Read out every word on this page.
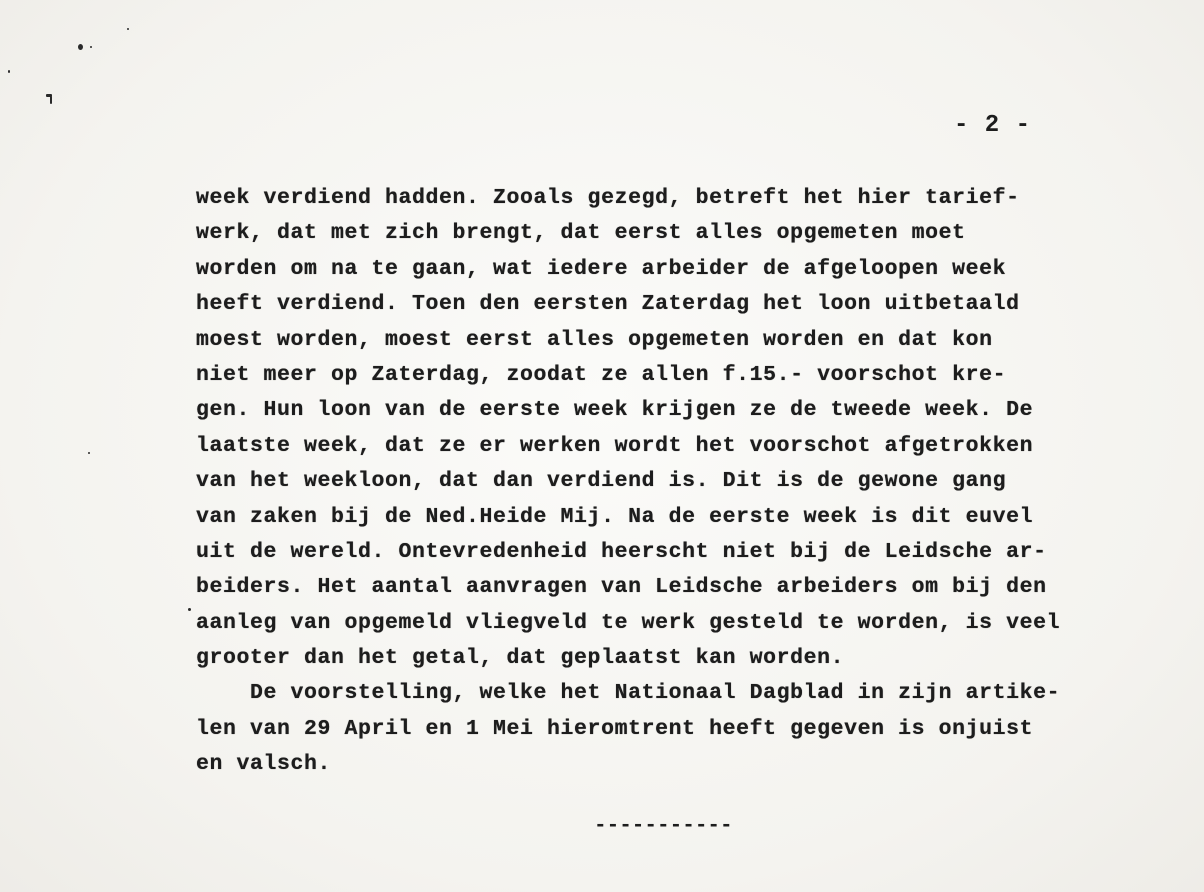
- 2 -
week verdiend hadden. Zooals gezegd, betreft het hier tarief-
werk, dat met zich brengt, dat eerst alles opgemeten moet
worden om na te gaan, wat iedere arbeider de afgeloopen week
heeft verdiend. Toen den eersten Zaterdag het loon uitbetaald
moest worden, moest eerst alles opgemeten worden en dat kon
niet meer op Zaterdag, zoodat ze allen f.15.- voorschot kre-
gen. Hun loon van de eerste week krijgen ze de tweede week. De
laatste week, dat ze er werken wordt het voorschot afgetrokken
van het weekloon, dat dan verdiend is. Dit is de gewone gang
van zaken bij de Ned.Heide Mij. Na de eerste week is dit euvel
uit de wereld. Ontevredenheid heerscht niet bij de Leidsche ar-
beiders. Het aantal aanvragen van Leidsche arbeiders om bij den
aanleg van opgemeld vliegveld te werk gesteld te worden, is veel
grooter dan het getal, dat geplaatst kan worden.
De voorstelling, welke het Nationaal Dagblad in zijn artike-
len van 29 April en 1 Mei hieromtrent heeft gegeven is onjuist
en valsch.
-----------
